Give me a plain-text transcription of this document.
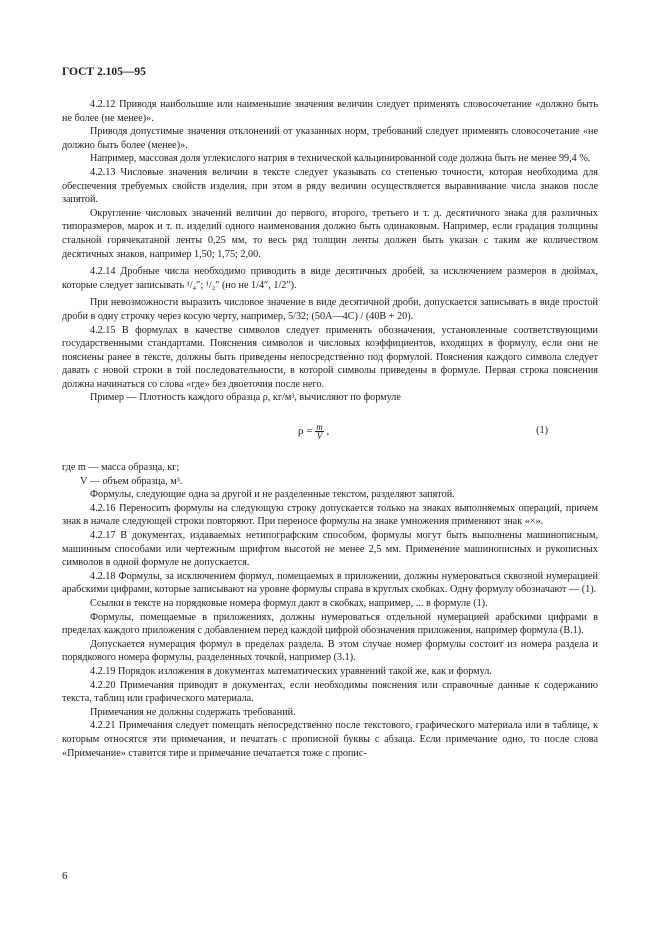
ГОСТ 2.105—95

4.2.12 Приводя наибольшие или наименьшие значения величин следует применять словосочетание «должно быть не более (не менее)».

Приводя допустимые значения отклонений от указанных норм, требований следует применять словосочетание «не должно быть более (менее)».

Например, массовая доля углекислого натрия в технической кальцинированной соде должна быть не менее 99,4 %.

4.2.13 Числовые значения величин в тексте следует указывать со степенью точности, которая необходима для обеспечения требуемых свойств изделия, при этом в ряду величин осуществляется выравнивание числа знаков после запятой.

Округление числовых значений величин до первого, второго, третьего и т. д. десятичного знака для различных типоразмеров, марок и т. п. изделий одного наименования должно быть одинаковым. Например, если градация толщины стальной горячекатаной ленты 0,25 мм, то весь ряд толщин ленты должен быть указан с таким же количеством десятичных знаков, например 1,50; 1,75; 2,00.

4.2.14 Дробные числа необходимо приводить в виде десятичных дробей, за исключением размеров в дюймах, которые следует записывать ¹/₄″; ¹/₂″ (но не 1/4″, 1/2″).

При невозможности выразить числовое значение в виде десятичной дроби, допускается записывать в виде простой дроби в одну строчку через косую черту, например, 5/32; (50А—4С) / (40В + 20).

4.2.15 В формулах в качестве символов следует применять обозначения, установленные соответствующими государственными стандартами. Пояснения символов и числовых коэффициентов, входящих в формулу, если они не пояснены ранее в тексте, должны быть приведены непосредственно под формулой. Пояснения каждого символа следует давать с новой строки в той последовательности, в которой символы приведены в формуле. Первая строка пояснения должна начинаться со слова «где» без двоеточия после него.

Пример — Плотность каждого образца ρ, кг/м³, вычисляют по формуле

$\rho = \frac{m}{V}$ ,	(1)

где m — масса образца, кг;

V — объем образца, м³.

Формулы, следующие одна за другой и не разделенные текстом, разделяют запятой.

4.2.16 Переносить формулы на следующую строку допускается только на знаках выполняемых операций, причем знак в начале следующей строки повторяют. При переносе формулы на знаке умножения применяют знак «×».

4.2.17 В документах, издаваемых нетипографским способом, формулы могут быть выполнены машинописным, машинным способами или чертежным шрифтом высотой не менее 2,5 мм. Применение машинописных и рукописных символов в одной формуле не допускается.

4.2.18 Формулы, за исключением формул, помещаемых в приложении, должны нумероваться сквозной нумерацией арабскими цифрами, которые записывают на уровне формулы справа в круглых скобках. Одну формулу обозначают — (1).

Ссылки в тексте на порядковые номера формул дают в скобках, например, ... в формуле (1).

Формулы, помещаемые в приложениях, должны нумероваться отдельной нумерацией арабскими цифрами в пределах каждого приложения с добавлением перед каждой цифрой обозначения приложения, например формула (В.1).

Допускается нумерация формул в пределах раздела. В этом случае номер формулы состоит из номера раздела и порядкового номера формулы, разделенных точкой, например (3.1).

4.2.19 Порядок изложения в документах математических уравнений такой же, как и формул.

4.2.20 Примечания приводят в документах, если необходимы пояснения или справочные данные к содержанию текста, таблиц или графического материала.

Примечания не должны содержать требований.

4.2.21 Примечания следует помещать непосредственно после текстового, графического материала или в таблице, к которым относятся эти примечания, и печатать с прописной буквы с абзаца. Если примечание одно, то после слова «Примечание» ставится тире и примечание печатается тоже с пропис-

6
